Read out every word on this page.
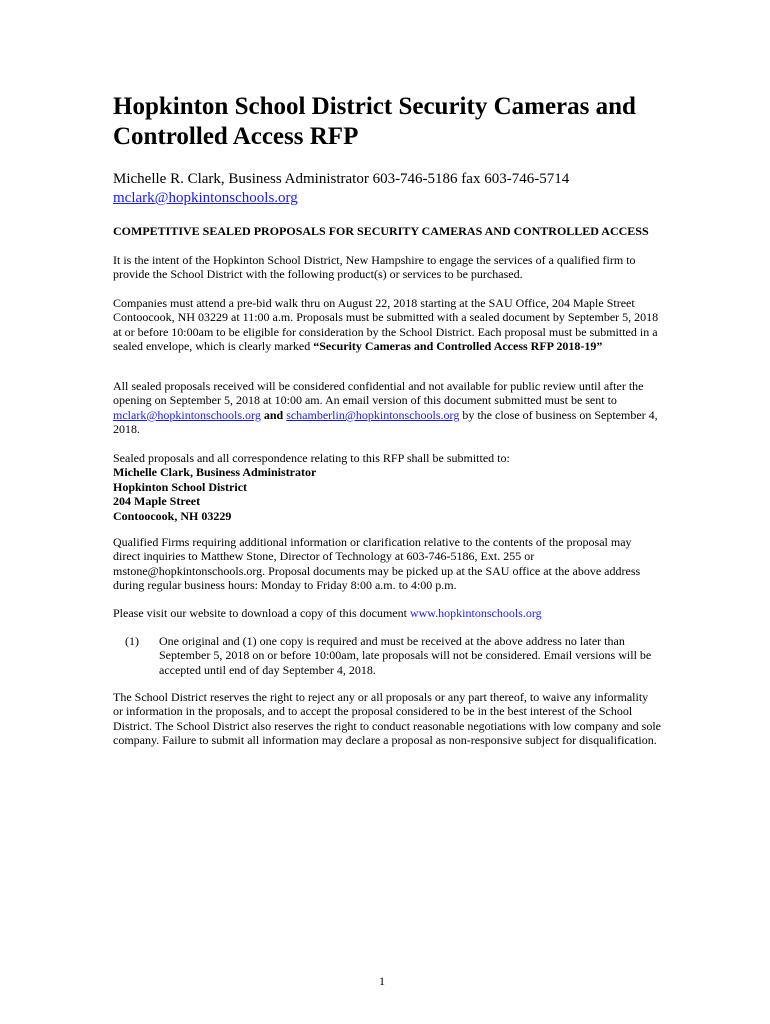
Hopkinton School District Security Cameras and Controlled Access RFP
Michelle R. Clark, Business Administrator 603-746-5186 fax 603-746-5714
mclark@hopkintonschools.org

COMPETITIVE SEALED PROPOSALS FOR SECURITY CAMERAS AND CONTROLLED ACCESS

It is the intent of the Hopkinton School District, New Hampshire to engage the services of a qualified firm to provide the School District with the following product(s) or services to be purchased.

Companies must attend a pre-bid walk thru on August 22, 2018 starting at the SAU Office, 204 Maple Street Contoocook, NH 03229 at 11:00 a.m. Proposals must be submitted with a sealed document by September 5, 2018 at or before 10:00am to be eligible for consideration by the School District. Each proposal must be submitted in a sealed envelope, which is clearly marked “Security Cameras and Controlled Access RFP 2018-19”

All sealed proposals received will be considered confidential and not available for public review until after the opening on September 5, 2018 at 10:00 am. An email version of this document submitted must be sent to mclark@hopkintonschools.org and schamberlin@hopkintonschools.org by the close of business on September 4, 2018.

Sealed proposals and all correspondence relating to this RFP shall be submitted to:
Michelle Clark, Business Administrator
Hopkinton School District
204 Maple Street
Contoocook, NH 03229

Qualified Firms requiring additional information or clarification relative to the contents of the proposal may direct inquiries to Matthew Stone, Director of Technology at 603-746-5186, Ext. 255 or mstone@hopkintonschools.org. Proposal documents may be picked up at the SAU office at the above address during regular business hours: Monday to Friday 8:00 a.m. to 4:00 p.m.

Please visit our website to download a copy of this document www.hopkintonschools.org

(1) One original and (1) one copy is required and must be received at the above address no later than September 5, 2018 on or before 10:00am, late proposals will not be considered. Email versions will be accepted until end of day September 4, 2018.

The School District reserves the right to reject any or all proposals or any part thereof, to waive any informality or information in the proposals, and to accept the proposal considered to be in the best interest of the School District. The School District also reserves the right to conduct reasonable negotiations with low company and sole company. Failure to submit all information may declare a proposal as non-responsive subject for disqualification.

1
